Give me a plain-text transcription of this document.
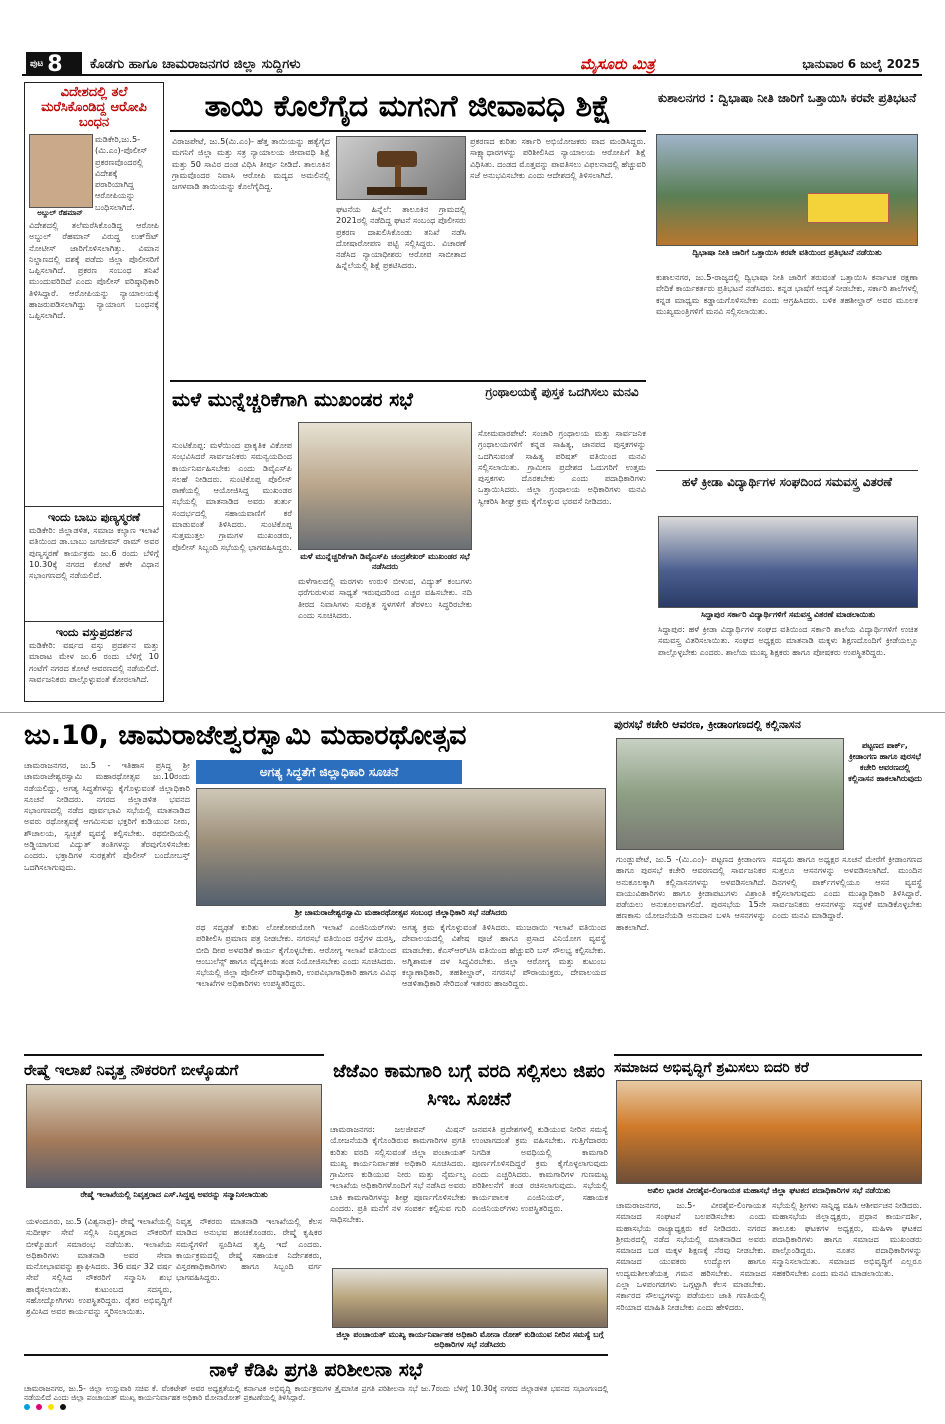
ಪುಟ 8 ಕೊಡಗು ಹಾಗೂ ಚಾಮರಾಜನಗರ ಜಿಲ್ಲಾ ಸುದ್ದಿಗಳು	ಮೈಸೂರು ಮಿತ್ರ	ಭಾನುವಾರ 6 ಜುಲೈ 2025
ವಿದೇಶದಲ್ಲಿ ತಲೆ ಮರೆಸಿಕೊಂಡಿದ್ದ ಆರೋಪಿ ಬಂಧನ
ಅಬ್ದುಲ್ ರೆಹಮಾನ್
ಮಡಿಕೇರಿ,ಜು.5-(ಮಿ.ಎಂ)-ಪೊಲೀಸ್ ಪ್ರಕರಣವೊಂದರಲ್ಲಿ ವಿದೇಶಕ್ಕೆ ಪರಾರಿಯಾಗಿದ್ದ ಆರೋಪಿಯನ್ನು ಬಂಧಿಸಲಾಗಿದೆ.
ವಿದೇಶದಲ್ಲಿ ತಲೆಮರೆಸಿಕೊಂಡಿದ್ದ ಆರೋಪಿ ಅಬ್ದುಲ್ ರೆಹಮಾನ್ ವಿರುದ್ಧ ಲುಕ್‌ಔಟ್ ನೋಟೀಸ್ ಜಾರಿಗೊಳಿಸಲಾಗಿತ್ತು. ವಿಮಾನ ನಿಲ್ದಾಣದಲ್ಲಿ ವಶಕ್ಕೆ ಪಡೆದು ಜಿಲ್ಲಾ ಪೊಲೀಸರಿಗೆ ಒಪ್ಪಿಸಲಾಗಿದೆ. ಪ್ರಕರಣ ಸಂಬಂಧ ತನಿಖೆ ಮುಂದುವರಿದಿದೆ ಎಂದು ಪೊಲೀಸ್ ವರಿಷ್ಠಾಧಿಕಾರಿ ತಿಳಿಸಿದ್ದಾರೆ. ಆರೋಪಿಯನ್ನು ನ್ಯಾಯಾಲಯಕ್ಕೆ ಹಾಜರುಪಡಿಸಲಾಗಿದ್ದು ನ್ಯಾಯಾಂಗ ಬಂಧನಕ್ಕೆ ಒಪ್ಪಿಸಲಾಗಿದೆ.
ಇಂದು ಬಾಬು ಪುಣ್ಯಸ್ಮರಣೆ
ಮಡಿಕೇರಿ: ಜಿಲ್ಲಾಡಳಿತ, ಸಮಾಜ ಕಲ್ಯಾಣ ಇಲಾಖೆ ವತಿಯಿಂದ ಡಾ.ಬಾಬು ಜಗಜೀವನ್ ರಾಮ್ ಅವರ ಪುಣ್ಯಸ್ಮರಣೆ ಕಾರ್ಯಕ್ರಮ ಜು.6 ರಂದು ಬೆಳಿಗ್ಗೆ 10.30ಕ್ಕೆ ನಗರದ ಕೋಟೆ ಹಳೇ ವಿಧಾನ ಸಭಾಂಗಣದಲ್ಲಿ ನಡೆಯಲಿದೆ.
ಇಂದು ವಸ್ತುಪ್ರದರ್ಶನ
ಮಡಿಕೇರಿ: ವರ್ಷದ ವಸ್ತು ಪ್ರದರ್ಶನ ಮತ್ತು ಮಾರಾಟ ಮೇಳ ಜು.6 ರಂದು ಬೆಳಿಗ್ಗೆ 10 ಗಂಟೆಗೆ ನಗರದ ಕೋಟೆ ಆವರಣದಲ್ಲಿ ನಡೆಯಲಿದೆ. ಸಾರ್ವಜನಿಕರು ಪಾಲ್ಗೊಳ್ಳುವಂತೆ ಕೋರಲಾಗಿದೆ.
ತಾಯಿ ಕೊಲೆಗೈದ ಮಗನಿಗೆ ಜೀವಾವಧಿ ಶಿಕ್ಷೆ
ವಿರಾಜಪೇಟೆ, ಜು.5(ಮಿ.ಎಂ)- ಹೆತ್ತ ತಾಯಿಯನ್ನು ಹತ್ಯೆಗೈದ ಮಗನಿಗೆ ಜಿಲ್ಲಾ ಮತ್ತು ಸತ್ರ ನ್ಯಾಯಾಲಯ ಜೀವಾವಧಿ ಶಿಕ್ಷೆ ಮತ್ತು 50 ಸಾವಿರ ದಂಡ ವಿಧಿಸಿ ತೀರ್ಪು ನೀಡಿದೆ. ತಾಲೂಕಿನ ಗ್ರಾಮವೊಂದರ ನಿವಾಸಿ ಆರೋಪಿ ಮದ್ಯದ ಅಮಲಿನಲ್ಲಿ ಜಗಳವಾಡಿ ತಾಯಿಯನ್ನು ಕೊಲೆಗೈದಿದ್ದ.
ಘಟನೆಯ ಹಿನ್ನೆಲೆ: ತಾಲೂಕಿನ ಗ್ರಾಮದಲ್ಲಿ 2021ರಲ್ಲಿ ನಡೆದಿದ್ದ ಘಟನೆ ಸಂಬಂಧ ಪೊಲೀಸರು ಪ್ರಕರಣ ದಾಖಲಿಸಿಕೊಂಡು ತನಿಖೆ ನಡೆಸಿ ದೋಷಾರೋಪಣ ಪಟ್ಟಿ ಸಲ್ಲಿಸಿದ್ದರು. ವಿಚಾರಣೆ ನಡೆಸಿದ ನ್ಯಾಯಾಧೀಶರು ಆರೋಪ ಸಾಬೀತಾದ ಹಿನ್ನೆಲೆಯಲ್ಲಿ ಶಿಕ್ಷೆ ಪ್ರಕಟಿಸಿದರು.
ಪ್ರಕರಣದ ಕುರಿತು ಸರ್ಕಾರಿ ಅಭಿಯೋಜಕರು ವಾದ ಮಂಡಿಸಿದ್ದರು. ಸಾಕ್ಷ್ಯಾಧಾರಗಳನ್ನು ಪರಿಶೀಲಿಸಿದ ನ್ಯಾಯಾಲಯ ಆರೋಪಿಗೆ ಶಿಕ್ಷೆ ವಿಧಿಸಿತು. ದಂಡದ ಮೊತ್ತವನ್ನು ಪಾವತಿಸಲು ವಿಫಲನಾದಲ್ಲಿ ಹೆಚ್ಚುವರಿ ಸಜೆ ಅನುಭವಿಸಬೇಕು ಎಂದು ಆದೇಶದಲ್ಲಿ ತಿಳಿಸಲಾಗಿದೆ.
ಕುಶಾಲನಗರ : ದ್ವಿಭಾಷಾ ನೀತಿ ಜಾರಿಗೆ ಒತ್ತಾಯಿಸಿ ಕರವೇ ಪ್ರತಿಭಟನೆ
ದ್ವಿಭಾಷಾ ನೀತಿ ಜಾರಿಗೆ ಒತ್ತಾಯಿಸಿ ಕರವೇ ವತಿಯಿಂದ ಪ್ರತಿಭಟನೆ ನಡೆಯಿತು
ಕುಶಾಲನಗರ, ಜು.5-ರಾಜ್ಯದಲ್ಲಿ ದ್ವಿಭಾಷಾ ನೀತಿ ಜಾರಿಗೆ ತರುವಂತೆ ಒತ್ತಾಯಿಸಿ ಕರ್ನಾಟಕ ರಕ್ಷಣಾ ವೇದಿಕೆ ಕಾರ್ಯಕರ್ತರು ಪ್ರತಿಭಟನೆ ನಡೆಸಿದರು. ಕನ್ನಡ ಭಾಷೆಗೆ ಆದ್ಯತೆ ನೀಡಬೇಕು, ಸರ್ಕಾರಿ ಶಾಲೆಗಳಲ್ಲಿ ಕನ್ನಡ ಮಾಧ್ಯಮ ಕಡ್ಡಾಯಗೊಳಿಸಬೇಕು ಎಂದು ಆಗ್ರಹಿಸಿದರು. ಬಳಿಕ ತಹಶೀಲ್ದಾರ್ ಅವರ ಮೂಲಕ ಮುಖ್ಯಮಂತ್ರಿಗಳಿಗೆ ಮನವಿ ಸಲ್ಲಿಸಲಾಯಿತು.
ಹಳೆ ಕ್ರೀಡಾ ವಿದ್ಯಾರ್ಥಿಗಳ ಸಂಘದಿಂದ ಸಮವಸ್ತ್ರ ವಿತರಣೆ
ಸಿದ್ದಾಪುರ ಸರ್ಕಾರಿ ವಿದ್ಯಾರ್ಥಿಗಳಿಗೆ ಸಮವಸ್ತ್ರ ವಿತರಣೆ ಮಾಡಲಾಯಿತು
ಸಿದ್ದಾಪುರ: ಹಳೆ ಕ್ರೀಡಾ ವಿದ್ಯಾರ್ಥಿಗಳ ಸಂಘದ ವತಿಯಿಂದ ಸರ್ಕಾರಿ ಶಾಲೆಯ ವಿದ್ಯಾರ್ಥಿಗಳಿಗೆ ಉಚಿತ ಸಮವಸ್ತ್ರ ವಿತರಿಸಲಾಯಿತು. ಸಂಘದ ಅಧ್ಯಕ್ಷರು ಮಾತನಾಡಿ ಮಕ್ಕಳು ಶಿಕ್ಷಣದೊಂದಿಗೆ ಕ್ರೀಡೆಯಲ್ಲೂ ಪಾಲ್ಗೊಳ್ಳಬೇಕು ಎಂದರು. ಶಾಲೆಯ ಮುಖ್ಯ ಶಿಕ್ಷಕರು ಹಾಗೂ ಪೋಷಕರು ಉಪಸ್ಥಿತರಿದ್ದರು.
ಮಳೆ ಮುನ್ನೆಚ್ಚರಿಕೆಗಾಗಿ ಮುಖಂಡರ ಸಭೆ
ಸುಂಟಿಕೊಪ್ಪ: ಮಳೆಯಿಂದ ಪ್ರಾಕೃತಿಕ ವಿಕೋಪ ಸಂಭವಿಸಿದರೆ ಸಾರ್ವಜನಿಕರು ಸಮನ್ವಯದಿಂದ ಕಾರ್ಯನಿರ್ವಹಿಸಬೇಕು ಎಂದು ಡಿವೈಎಸ್‌ಪಿ ಸಲಹೆ ನೀಡಿದರು. ಸುಂಟಿಕೊಪ್ಪ ಪೊಲೀಸ್ ಠಾಣೆಯಲ್ಲಿ ಆಯೋಜಿಸಿದ್ದ ಮುಖಂಡರ ಸಭೆಯಲ್ಲಿ ಮಾತನಾಡಿದ ಅವರು ತುರ್ತು ಸಂದರ್ಭದಲ್ಲಿ ಸಹಾಯವಾಣಿಗೆ ಕರೆ ಮಾಡುವಂತೆ ತಿಳಿಸಿದರು. ಸುಂಟಿಕೊಪ್ಪ ಸುತ್ತಮುತ್ತಲ ಗ್ರಾಮಗಳ ಮುಖಂಡರು, ಪೊಲೀಸ್ ಸಿಬ್ಬಂದಿ ಸಭೆಯಲ್ಲಿ ಭಾಗವಹಿಸಿದ್ದರು.
ಮಳೆ ಮುನ್ನೆಚ್ಚರಿಕೆಗಾಗಿ ಡಿವೈಎಸ್‌ಪಿ ಚಂದ್ರಶೇಖರ್ ಮುಖಂಡರ ಸಭೆ ನಡೆಸಿದರು
ಮಳೆಗಾಲದಲ್ಲಿ ಮರಗಳು ಉರುಳಿ ಬೀಳುವ, ವಿದ್ಯುತ್ ಕಂಬಗಳು ಧರೆಗುರುಳುವ ಸಾಧ್ಯತೆ ಇರುವುದರಿಂದ ಎಚ್ಚರ ವಹಿಸಬೇಕು. ನದಿ ತೀರದ ನಿವಾಸಿಗಳು ಸುರಕ್ಷಿತ ಸ್ಥಳಗಳಿಗೆ ತೆರಳಲು ಸಿದ್ಧರಿರಬೇಕು ಎಂದು ಸೂಚಿಸಿದರು.
ಗ್ರಂಥಾಲಯಕ್ಕೆ ಪುಸ್ತಕ ಒದಗಿಸಲು ಮನವಿ
ಸೋಮವಾರಪೇಟೆ: ಸಂಚಾರಿ ಗ್ರಂಥಾಲಯ ಮತ್ತು ಸಾರ್ವಜನಿಕ ಗ್ರಂಥಾಲಯಗಳಿಗೆ ಕನ್ನಡ ಸಾಹಿತ್ಯ, ಜಾನಪದ ಪುಸ್ತಕಗಳನ್ನು ಒದಗಿಸುವಂತೆ ಸಾಹಿತ್ಯ ಪರಿಷತ್ ವತಿಯಿಂದ ಮನವಿ ಸಲ್ಲಿಸಲಾಯಿತು. ಗ್ರಾಮೀಣ ಪ್ರದೇಶದ ಓದುಗರಿಗೆ ಉತ್ತಮ ಪುಸ್ತಕಗಳು ದೊರಕಬೇಕು ಎಂದು ಪದಾಧಿಕಾರಿಗಳು ಒತ್ತಾಯಿಸಿದರು. ಜಿಲ್ಲಾ ಗ್ರಂಥಾಲಯ ಅಧಿಕಾರಿಗಳು ಮನವಿ ಸ್ವೀಕರಿಸಿ ಶೀಘ್ರ ಕ್ರಮ ಕೈಗೊಳ್ಳುವ ಭರವಸೆ ನೀಡಿದರು.
ಜು.10, ಚಾಮರಾಜೇಶ್ವರಸ್ವಾಮಿ ಮಹಾರಥೋತ್ಸವ
ಚಾಮರಾಜನಗರ, ಜು.5 - ಇತಿಹಾಸ ಪ್ರಸಿದ್ಧ ಶ್ರೀ ಚಾಮರಾಜೇಶ್ವರಸ್ವಾಮಿ ಮಹಾರಥೋತ್ಸವ ಜು.10ರಂದು ನಡೆಯಲಿದ್ದು, ಅಗತ್ಯ ಸಿದ್ಧತೆಗಳನ್ನು ಕೈಗೊಳ್ಳುವಂತೆ ಜಿಲ್ಲಾಧಿಕಾರಿ ಸೂಚನೆ ನೀಡಿದರು. ನಗರದ ಜಿಲ್ಲಾಡಳಿತ ಭವನದ ಸಭಾಂಗಣದಲ್ಲಿ ನಡೆದ ಪೂರ್ವಭಾವಿ ಸಭೆಯಲ್ಲಿ ಮಾತನಾಡಿದ ಅವರು ರಥೋತ್ಸವಕ್ಕೆ ಆಗಮಿಸುವ ಭಕ್ತರಿಗೆ ಕುಡಿಯುವ ನೀರು, ಶೌಚಾಲಯ, ಸ್ವಚ್ಛತೆ ವ್ಯವಸ್ಥೆ ಕಲ್ಪಿಸಬೇಕು. ರಥಬೀದಿಯಲ್ಲಿ ಅಡ್ಡಿಯಾಗುವ ವಿದ್ಯುತ್ ತಂತಿಗಳನ್ನು ತೆರವುಗೊಳಿಸಬೇಕು ಎಂದರು. ಭಕ್ತಾದಿಗಳ ಸುರಕ್ಷತೆಗೆ ಪೊಲೀಸ್ ಬಂದೋಬಸ್ತ್ ಒದಗಿಸಲಾಗುವುದು.
ಅಗತ್ಯ ಸಿದ್ಧತೆಗೆ ಜಿಲ್ಲಾಧಿಕಾರಿ ಸೂಚನೆ
ಶ್ರೀ ಚಾಮರಾಜೇಶ್ವರಸ್ವಾಮಿ ಮಹಾರಥೋತ್ಸವ ಸಂಬಂಧ ಜಿಲ್ಲಾಧಿಕಾರಿ ಸಭೆ ನಡೆಸಿದರು
ರಥ ಸದೃಢತೆ ಕುರಿತು ಲೋಕೋಪಯೋಗಿ ಇಲಾಖೆ ಎಂಜಿನಿಯರ್‌ಗಳು ಪರಿಶೀಲಿಸಿ ಪ್ರಮಾಣ ಪತ್ರ ನೀಡಬೇಕು. ನಗರಸಭೆ ವತಿಯಿಂದ ರಸ್ತೆಗಳ ದುರಸ್ತಿ, ಬೀದಿ ದೀಪ ಅಳವಡಿಕೆ ಕಾರ್ಯ ಕೈಗೊಳ್ಳಬೇಕು. ಆರೋಗ್ಯ ಇಲಾಖೆ ವತಿಯಿಂದ ಆಂಬುಲೆನ್ಸ್ ಹಾಗೂ ವೈದ್ಯಕೀಯ ತಂಡ ನಿಯೋಜಿಸಬೇಕು ಎಂದು ಸೂಚಿಸಿದರು. ಸಭೆಯಲ್ಲಿ ಜಿಲ್ಲಾ ಪೊಲೀಸ್ ವರಿಷ್ಠಾಧಿಕಾರಿ, ಉಪವಿಭಾಗಾಧಿಕಾರಿ ಹಾಗೂ ವಿವಿಧ ಇಲಾಖೆಗಳ ಅಧಿಕಾರಿಗಳು ಉಪಸ್ಥಿತರಿದ್ದರು.
ಅಗತ್ಯ ಕ್ರಮ ಕೈಗೊಳ್ಳುವಂತೆ ತಿಳಿಸಿದರು. ಮುಜರಾಯಿ ಇಲಾಖೆ ವತಿಯಿಂದ ದೇವಾಲಯದಲ್ಲಿ ವಿಶೇಷ ಪೂಜೆ ಹಾಗೂ ಪ್ರಸಾದ ವಿನಿಯೋಗ ವ್ಯವಸ್ಥೆ ಮಾಡಬೇಕು. ಕೆಎಸ್‌ಆರ್‌ಟಿಸಿ ವತಿಯಿಂದ ಹೆಚ್ಚುವರಿ ಬಸ್ ಸೌಲಭ್ಯ ಕಲ್ಪಿಸಬೇಕು. ಅಗ್ನಿಶಾಮಕ ದಳ ಸಿದ್ಧವಿರಬೇಕು. ಜಿಲ್ಲಾ ಆರೋಗ್ಯ ಮತ್ತು ಕುಟುಂಬ ಕಲ್ಯಾಣಾಧಿಕಾರಿ, ತಹಶೀಲ್ದಾರ್, ನಗರಸಭೆ ಪೌರಾಯುಕ್ತರು, ದೇವಾಲಯದ ಆಡಳಿತಾಧಿಕಾರಿ ಸೇರಿದಂತೆ ಇತರರು ಹಾಜರಿದ್ದರು.
ಪುರಸಭೆ ಕಚೇರಿ ಆವರಣ, ಕ್ರೀಡಾಂಗಣದಲ್ಲಿ ಕಲ್ಲಿನಾಸನ
ಪಟ್ಟಣದ ಪಾರ್ಕ್, ಕ್ರೀಡಾಂಗಣ ಹಾಗೂ ಪುರಸಭೆ ಕಚೇರಿ ಆವರಣದಲ್ಲಿ ಕಲ್ಲಿನಾಸನ ಹಾಕಲಾಗಿರುವುದು
ಗುಂಡ್ಲುಪೇಟೆ, ಜು.5 -(ಮಿ.ಎಂ)- ಪಟ್ಟಣದ ಕ್ರೀಡಾಂಗಣ ಹಾಗೂ ಪುರಸಭೆ ಕಚೇರಿ ಆವರಣದಲ್ಲಿ ಸಾರ್ವಜನಿಕರ ಅನುಕೂಲಕ್ಕಾಗಿ ಕಲ್ಲಿನಾಸನಗಳನ್ನು ಅಳವಡಿಸಲಾಗಿದೆ. ವಾಯುವಿಹಾರಿಗಳು ಹಾಗೂ ಕ್ರೀಡಾಪಟುಗಳು ವಿಶ್ರಾಂತಿ ಪಡೆಯಲು ಅನುಕೂಲವಾಗಲಿದೆ. ಪುರಸಭೆಯ 15ನೇ ಹಣಕಾಸು ಯೋಜನೆಯಡಿ ಅನುದಾನ ಬಳಸಿ ಆಸನಗಳನ್ನು ಹಾಕಲಾಗಿದೆ.
ಸದಸ್ಯರು ಹಾಗೂ ಅಧ್ಯಕ್ಷರ ಸೂಚನೆ ಮೇರೆಗೆ ಕ್ರೀಡಾಂಗಣದ ಸುತ್ತಲೂ ಆಸನಗಳನ್ನು ಅಳವಡಿಸಲಾಗಿದೆ. ಮುಂದಿನ ದಿನಗಳಲ್ಲಿ ಪಾರ್ಕ್‌ಗಳಲ್ಲಿಯೂ ಆಸನ ವ್ಯವಸ್ಥೆ ಕಲ್ಪಿಸಲಾಗುವುದು ಎಂದು ಮುಖ್ಯಾಧಿಕಾರಿ ತಿಳಿಸಿದ್ದಾರೆ. ಸಾರ್ವಜನಿಕರು ಆಸನಗಳನ್ನು ಸದ್ಬಳಕೆ ಮಾಡಿಕೊಳ್ಳಬೇಕು ಎಂದು ಮನವಿ ಮಾಡಿದ್ದಾರೆ.
ರೇಷ್ಮೆ ಇಲಾಖೆ ನಿವೃತ್ತ ನೌಕರರಿಗೆ ಬೀಳ್ಕೊಡುಗೆ
ರೇಷ್ಮೆ ಇಲಾಖೆಯಲ್ಲಿ ನಿವೃತ್ತರಾದ ಎಸ್.ಸಿದ್ದಪ್ಪ ಅವರನ್ನು ಸನ್ಮಾನಿಸಲಾಯಿತು
ಯಳಂದೂರು, ಜು.5 (ವಿಶ್ವನಾಥ)- ರೇಷ್ಮೆ ಇಲಾಖೆಯಲ್ಲಿ ಸುದೀರ್ಘ ಸೇವೆ ಸಲ್ಲಿಸಿ ನಿವೃತ್ತರಾದ ನೌಕರರಿಗೆ ಬೀಳ್ಕೊಡುಗೆ ಸಮಾರಂಭ ನಡೆಯಿತು. ಇಲಾಖೆಯ ಅಧಿಕಾರಿಗಳು ಮಾತನಾಡಿ ಅವರ ಸೇವಾ ಮನೋಭಾವವನ್ನು ಶ್ಲಾಘಿಸಿದರು. 36 ವರ್ಷ 32 ವರ್ಷ ಸೇವೆ ಸಲ್ಲಿಸಿದ ನೌಕರರಿಗೆ ಸನ್ಮಾನಿಸಿ ಶುಭ ಹಾರೈಸಲಾಯಿತು. ಕುಟುಂಬದ ಸದಸ್ಯರು, ಸಹೋದ್ಯೋಗಿಗಳು ಉಪಸ್ಥಿತರಿದ್ದರು. ರೈತರ ಅಭಿವೃದ್ಧಿಗೆ ಶ್ರಮಿಸಿದ ಅವರ ಕಾರ್ಯವನ್ನು ಸ್ಮರಿಸಲಾಯಿತು.
ನಿವೃತ್ತ ನೌಕರರು ಮಾತನಾಡಿ ಇಲಾಖೆಯಲ್ಲಿ ಕೆಲಸ ಮಾಡಿದ ಅನುಭವ ಹಂಚಿಕೊಂಡರು. ರೇಷ್ಮೆ ಕೃಷಿಕರ ಸಮಸ್ಯೆಗಳಿಗೆ ಸ್ಪಂದಿಸಿದ ತೃಪ್ತಿ ಇದೆ ಎಂದರು. ಕಾರ್ಯಕ್ರಮದಲ್ಲಿ ರೇಷ್ಮೆ ಸಹಾಯಕ ನಿರ್ದೇಶಕರು, ವಿಸ್ತರಣಾಧಿಕಾರಿಗಳು ಹಾಗೂ ಸಿಬ್ಬಂದಿ ವರ್ಗ ಭಾಗವಹಿಸಿದ್ದರು.
ಜೆಜೆಎಂ ಕಾಮಗಾರಿ ಬಗ್ಗೆ ವರದಿ ಸಲ್ಲಿಸಲು ಜಿಪಂ ಸಿಇಒ ಸೂಚನೆ
ಚಾಮರಾಜನಗರ: ಜಲಜೀವನ್ ಮಿಷನ್ ಯೋಜನೆಯಡಿ ಕೈಗೊಂಡಿರುವ ಕಾಮಗಾರಿಗಳ ಪ್ರಗತಿ ಕುರಿತು ವರದಿ ಸಲ್ಲಿಸುವಂತೆ ಜಿಲ್ಲಾ ಪಂಚಾಯತ್ ಮುಖ್ಯ ಕಾರ್ಯನಿರ್ವಾಹಕ ಅಧಿಕಾರಿ ಸೂಚಿಸಿದರು. ಗ್ರಾಮೀಣ ಕುಡಿಯುವ ನೀರು ಮತ್ತು ನೈರ್ಮಲ್ಯ ಇಲಾಖೆಯ ಅಧಿಕಾರಿಗಳೊಂದಿಗೆ ಸಭೆ ನಡೆಸಿದ ಅವರು ಬಾಕಿ ಕಾಮಗಾರಿಗಳನ್ನು ಶೀಘ್ರ ಪೂರ್ಣಗೊಳಿಸಬೇಕು ಎಂದರು. ಪ್ರತಿ ಮನೆಗೆ ನಳ ಸಂಪರ್ಕ ಕಲ್ಪಿಸುವ ಗುರಿ ಸಾಧಿಸಬೇಕು.
ಜನವಸತಿ ಪ್ರದೇಶಗಳಲ್ಲಿ ಕುಡಿಯುವ ನೀರಿನ ಸಮಸ್ಯೆ ಉಂಟಾಗದಂತೆ ಕ್ರಮ ವಹಿಸಬೇಕು. ಗುತ್ತಿಗೆದಾರರು ನಿಗದಿತ ಅವಧಿಯಲ್ಲಿ ಕಾಮಗಾರಿ ಪೂರ್ಣಗೊಳಿಸದಿದ್ದರೆ ಕ್ರಮ ಕೈಗೊಳ್ಳಲಾಗುವುದು ಎಂದು ಎಚ್ಚರಿಸಿದರು. ಕಾಮಗಾರಿಗಳ ಗುಣಮಟ್ಟ ಪರಿಶೀಲನೆಗೆ ತಂಡ ರಚಿಸಲಾಗುವುದು. ಸಭೆಯಲ್ಲಿ ಕಾರ್ಯಪಾಲಕ ಎಂಜಿನಿಯರ್, ಸಹಾಯಕ ಎಂಜಿನಿಯರ್‌ಗಳು ಉಪಸ್ಥಿತರಿದ್ದರು.
ಜಿಲ್ಲಾ ಪಂಚಾಯತ್ ಮುಖ್ಯ ಕಾರ್ಯನಿರ್ವಾಹಕ ಅಧಿಕಾರಿ ಮೋನಾ ರೋತ್ ಕುಡಿಯುವ ನೀರಿನ ಸಮಸ್ಯೆ ಬಗ್ಗೆ ಅಧಿಕಾರಿಗಳ ಸಭೆ ನಡೆಸಿದರು
ಸಮಾಜದ ಅಭಿವೃದ್ಧಿಗೆ ಶ್ರಮಿಸಲು ಬಿದರಿ ಕರೆ
ಅಖಿಲ ಭಾರತ ವೀರಶೈವ-ಲಿಂಗಾಯತ ಮಹಾಸಭೆ ಜಿಲ್ಲಾ ಘಟಕದ ಪದಾಧಿಕಾರಿಗಳ ಸಭೆ ನಡೆಯಿತು
ಚಾಮರಾಜನಗರ, ಜು.5- ವೀರಶೈವ-ಲಿಂಗಾಯತ ಸಮಾಜದ ಸಂಘಟನೆ ಬಲಪಡಿಸಬೇಕು ಎಂದು ಮಹಾಸಭೆಯ ರಾಜ್ಯಾಧ್ಯಕ್ಷರು ಕರೆ ನೀಡಿದರು. ನಗರದ ಶ್ರೀಮಠದಲ್ಲಿ ನಡೆದ ಸಭೆಯಲ್ಲಿ ಮಾತನಾಡಿದ ಅವರು ಸಮಾಜದ ಬಡ ಮಕ್ಕಳ ಶಿಕ್ಷಣಕ್ಕೆ ನೆರವು ನೀಡಬೇಕು. ಸಮಾಜದ ಯುವಕರು ಉದ್ಯೋಗ ಹಾಗೂ ಉದ್ಯಮಶೀಲತೆಯತ್ತ ಗಮನ ಹರಿಸಬೇಕು. ಸಮಾಜದ ಎಲ್ಲಾ ಒಳಪಂಗಡಗಳು ಒಗ್ಗಟ್ಟಾಗಿ ಕೆಲಸ ಮಾಡಬೇಕು. ಸರ್ಕಾರದ ಸೌಲಭ್ಯಗಳನ್ನು ಪಡೆಯಲು ಜಾತಿ ಗಣತಿಯಲ್ಲಿ ಸರಿಯಾದ ಮಾಹಿತಿ ನೀಡಬೇಕು ಎಂದು ಹೇಳಿದರು.
ಸಭೆಯಲ್ಲಿ ಶ್ರೀಗಳು ಸಾನ್ನಿಧ್ಯ ವಹಿಸಿ ಆಶೀರ್ವಚನ ನೀಡಿದರು. ಮಹಾಸಭೆಯ ಜಿಲ್ಲಾಧ್ಯಕ್ಷರು, ಪ್ರಧಾನ ಕಾರ್ಯದರ್ಶಿ, ತಾಲೂಕು ಘಟಕಗಳ ಅಧ್ಯಕ್ಷರು, ಮಹಿಳಾ ಘಟಕದ ಪದಾಧಿಕಾರಿಗಳು ಹಾಗೂ ಸಮಾಜದ ಮುಖಂಡರು ಪಾಲ್ಗೊಂಡಿದ್ದರು. ನೂತನ ಪದಾಧಿಕಾರಿಗಳನ್ನು ಸನ್ಮಾನಿಸಲಾಯಿತು. ಸಮಾಜದ ಅಭಿವೃದ್ಧಿಗೆ ಎಲ್ಲರೂ ಸಹಕರಿಸಬೇಕು ಎಂದು ಮನವಿ ಮಾಡಲಾಯಿತು.
ನಾಳೆ ಕೆಡಿಪಿ ಪ್ರಗತಿ ಪರಿಶೀಲನಾ ಸಭೆ
ಚಾಮರಾಜನಗರ, ಜು.5- ಜಿಲ್ಲಾ ಉಸ್ತುವಾರಿ ಸಚಿವ ಕೆ. ವೆಂಕಟೇಶ್ ಅವರ ಅಧ್ಯಕ್ಷತೆಯಲ್ಲಿ ಕರ್ನಾಟಕ ಅಭಿವೃದ್ಧಿ ಕಾರ್ಯಕ್ರಮಗಳ ತ್ರೈಮಾಸಿಕ ಪ್ರಗತಿ ಪರಿಶೀಲನಾ ಸಭೆ ಜು.7ರಂದು ಬೆಳಿಗ್ಗೆ 10.30ಕ್ಕೆ ನಗರದ ಜಿಲ್ಲಾಡಳಿತ ಭವನದ ಸಭಾಂಗಣದಲ್ಲಿ ನಡೆಯಲಿದೆ ಎಂದು ಜಿಲ್ಲಾ ಪಂಚಾಯತ್ ಮುಖ್ಯ ಕಾರ್ಯನಿರ್ವಾಹಕ ಅಧಿಕಾರಿ ಮೋನಾರೋತ್ ಪ್ರಕಟಣೆಯಲ್ಲಿ ತಿಳಿಸಿದ್ದಾರೆ.
